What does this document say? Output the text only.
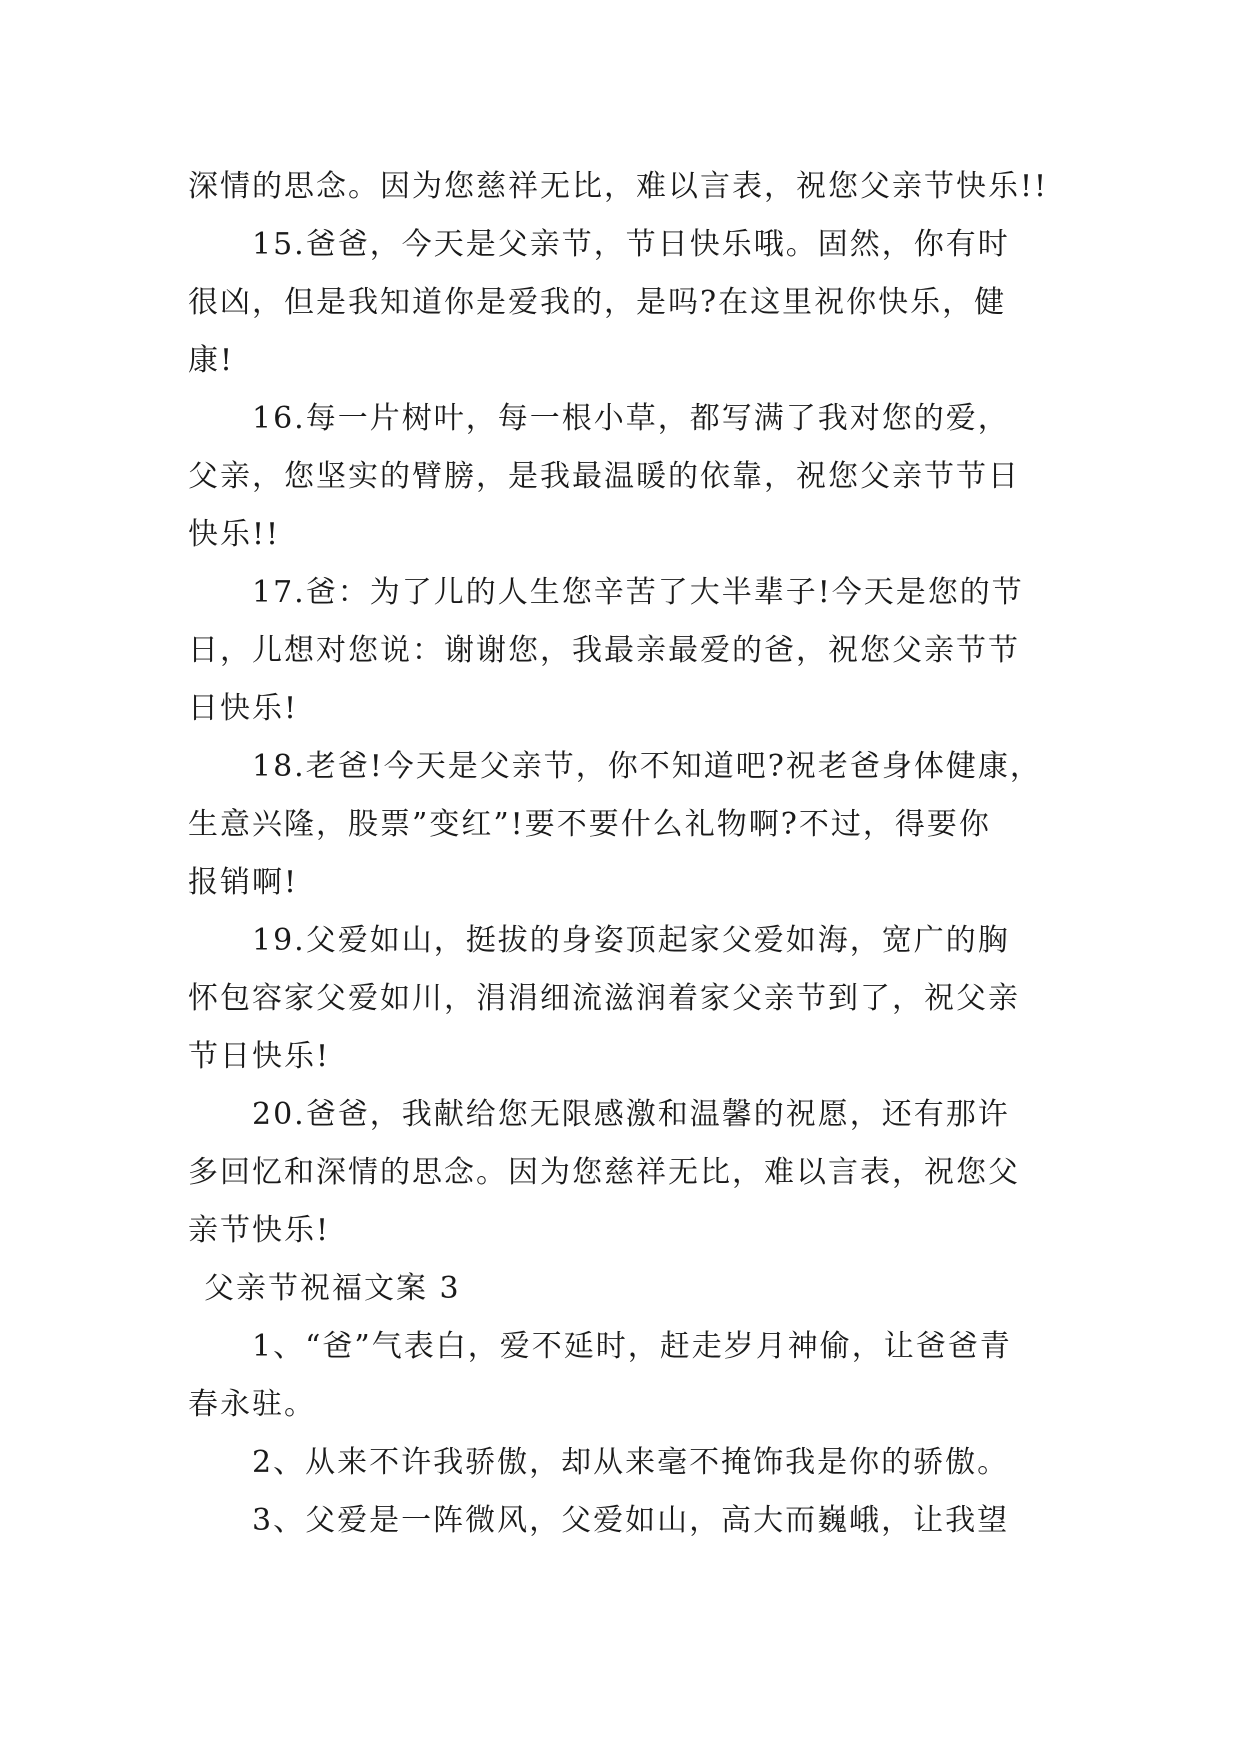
深情的思念。因为您慈祥无比，难以言表，祝您父亲节快乐!!
15.爸爸，今天是父亲节，节日快乐哦。固然，你有时
很凶，但是我知道你是爱我的，是吗?在这里祝你快乐，健
康!
16.每一片树叶，每一根小草，都写满了我对您的爱，
父亲，您坚实的臂膀，是我最温暖的依靠，祝您父亲节节日
快乐!!
17.爸：为了儿的人生您辛苦了大半辈子!今天是您的节
日，儿想对您说：谢谢您，我最亲最爱的爸，祝您父亲节节
日快乐!
18.老爸!今天是父亲节，你不知道吧?祝老爸身体健康，
生意兴隆，股票”变红”!要不要什么礼物啊?不过，得要你
报销啊!
19.父爱如山，挺拔的身姿顶起家父爱如海，宽广的胸
怀包容家父爱如川，涓涓细流滋润着家父亲节到了，祝父亲
节日快乐!
20.爸爸，我献给您无限感激和温馨的祝愿，还有那许
多回忆和深情的思念。因为您慈祥无比，难以言表，祝您父
亲节快乐!
父亲节祝福文案 3
1、“爸”气表白，爱不延时，赶走岁月神偷，让爸爸青
春永驻。
2、从来不许我骄傲，却从来毫不掩饰我是你的骄傲。
3、父爱是一阵微风，父爱如山，高大而巍峨，让我望
